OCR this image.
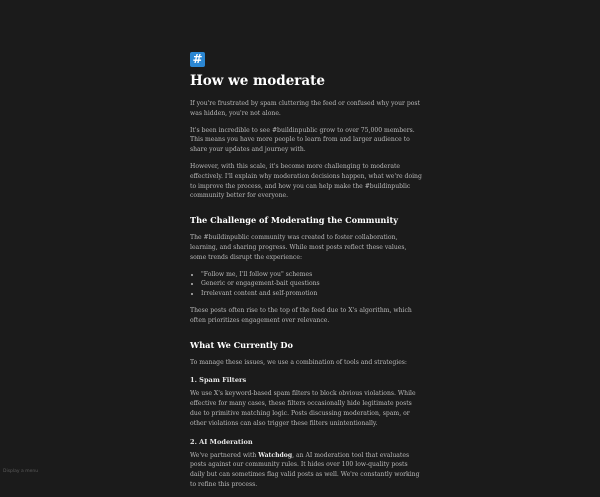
#
How we moderate

If you're frustrated by spam cluttering the feed or confused why your post was hidden, you're not alone.

It's been incredible to see #buildinpublic grow to over 75,000 members. This means you have more people to learn from and larger audience to share your updates and journey with.

However, with this scale, it's become more challenging to moderate effectively. I'll explain why moderation decisions happen, what we're doing to improve the process, and how you can help make the #buildinpublic community better for everyone.

The Challenge of Moderating the Community

The #buildinpublic community was created to foster collaboration, learning, and sharing progress. While most posts reflect these values, some trends disrupt the experience:

• "Follow me, I'll follow you" schemes
• Generic or engagement-bait questions
• Irrelevant content and self-promotion

These posts often rise to the top of the feed due to X's algorithm, which often prioritizes engagement over relevance.

What We Currently Do

To manage these issues, we use a combination of tools and strategies:

1. Spam Filters

We use X's keyword-based spam filters to block obvious violations. While effective for many cases, these filters occasionally hide legitimate posts due to primitive matching logic. Posts discussing moderation, spam, or other violations can also trigger these filters unintentionally.

2. AI Moderation

We've partnered with Watchdog, an AI moderation tool that evaluates posts against our community rules. It hides over 100 low-quality posts daily but can sometimes flag valid posts as well. We're constantly working to refine this process.

Display a menu
